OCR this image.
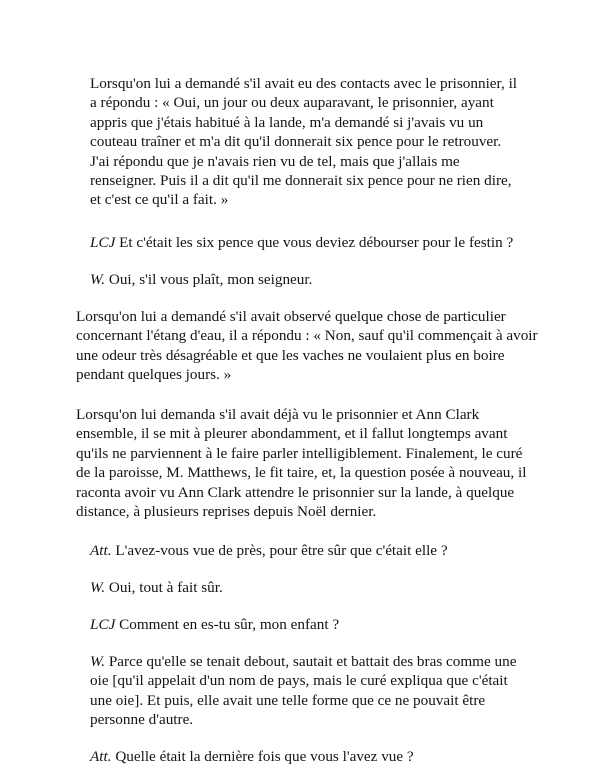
Lorsqu'on lui a demandé s'il avait eu des contacts avec le prisonnier, il
a répondu : « Oui, un jour ou deux auparavant, le prisonnier, ayant
appris que j'étais habitué à la lande, m'a demandé si j'avais vu un
couteau traîner et m'a dit qu'il donnerait six pence pour le retrouver.
J'ai répondu que je n'avais rien vu de tel, mais que j'allais me
renseigner. Puis il a dit qu'il me donnerait six pence pour ne rien dire,
et c'est ce qu'il a fait. »

LCJ Et c'était les six pence que vous deviez débourser pour le festin ?

W. Oui, s'il vous plaît, mon seigneur.

Lorsqu'on lui a demandé s'il avait observé quelque chose de particulier
concernant l'étang d'eau, il a répondu : « Non, sauf qu'il commençait à avoir
une odeur très désagréable et que les vaches ne voulaient plus en boire
pendant quelques jours. »

Lorsqu'on lui demanda s'il avait déjà vu le prisonnier et Ann Clark
ensemble, il se mit à pleurer abondamment, et il fallut longtemps avant
qu'ils ne parviennent à le faire parler intelligiblement. Finalement, le curé
de la paroisse, M. Matthews, le fit taire, et, la question posée à nouveau, il
raconta avoir vu Ann Clark attendre le prisonnier sur la lande, à quelque
distance, à plusieurs reprises depuis Noël dernier.

Att. L'avez-vous vue de près, pour être sûr que c'était elle ?

W. Oui, tout à fait sûr.

LCJ Comment en es-tu sûr, mon enfant ?

W. Parce qu'elle se tenait debout, sautait et battait des bras comme une
oie [qu'il appelait d'un nom de pays, mais le curé expliqua que c'était
une oie]. Et puis, elle avait une telle forme que ce ne pouvait être
personne d'autre.

Att. Quelle était la dernière fois que vous l'avez vue ?
